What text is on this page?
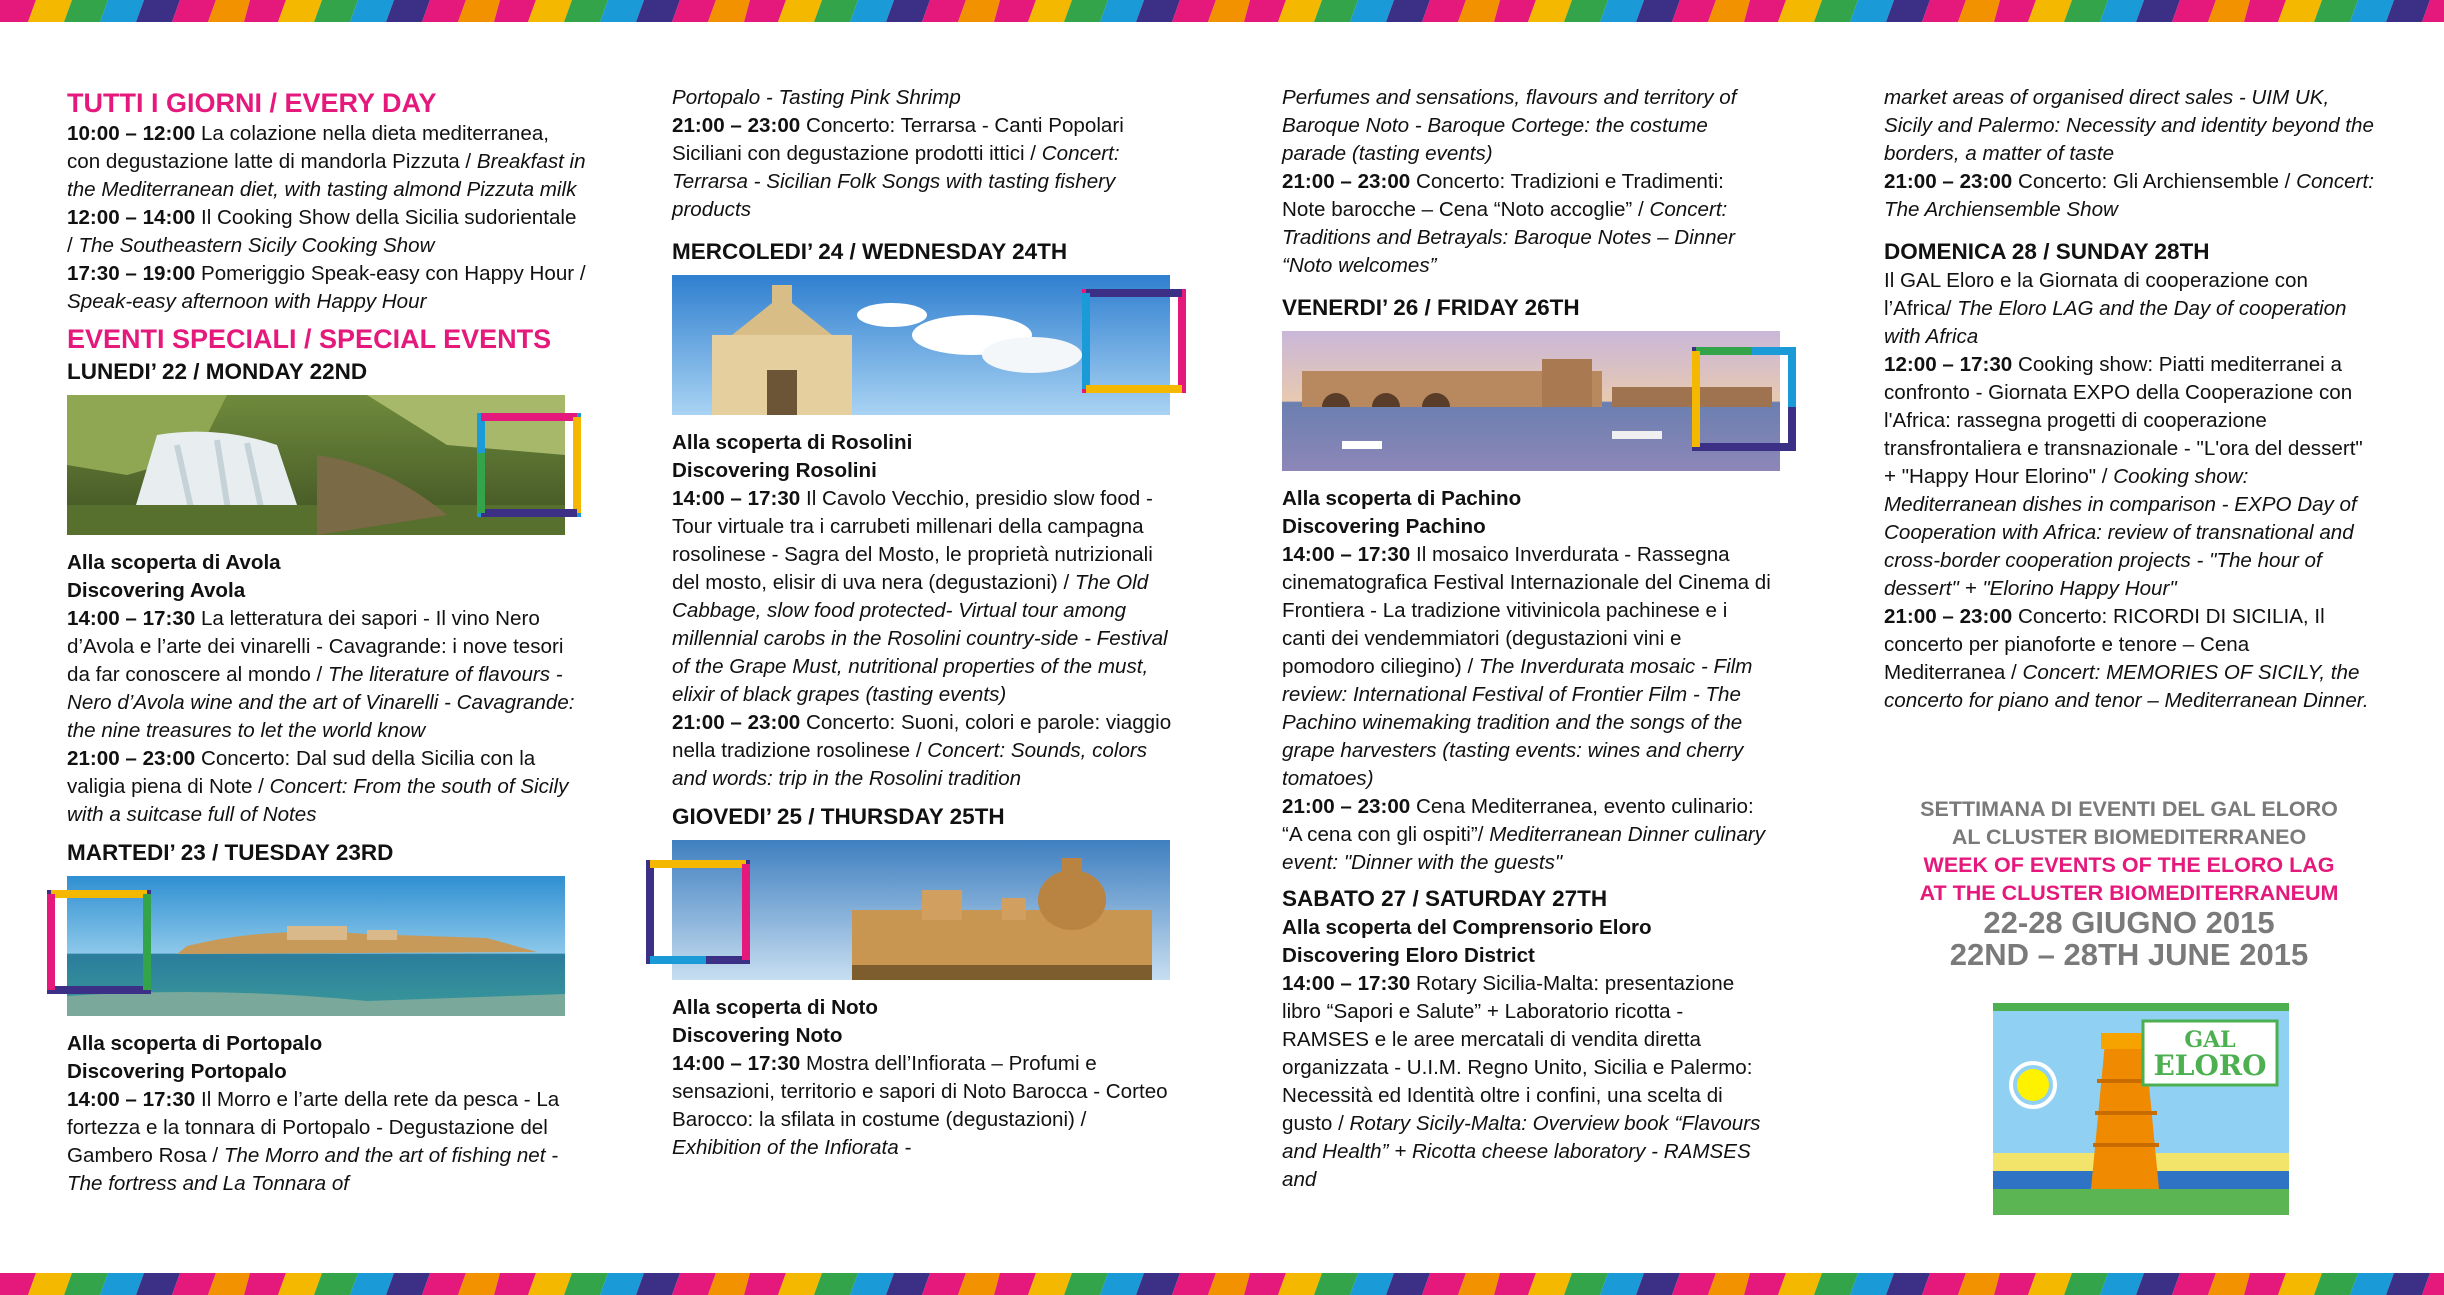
TUTTI I GIORNI / EVERY DAY

10:00 – 12:00 La colazione nella dieta mediterranea, con degustazione latte di mandorla Pizzuta / Breakfast in the Mediterranean diet, with tasting almond Pizzuta milk

12:00 – 14:00 Il Cooking Show della Sicilia sudorientale / The Southeastern Sicily Cooking Show

17:30 – 19:00 Pomeriggio Speak-easy con Happy Hour / Speak-easy afternoon with Happy Hour

EVENTI SPECIALI / SPECIAL EVENTS
LUNEDI’ 22 / MONDAY 22ND

Alla scoperta di Avola

Discovering Avola

14:00 – 17:30 La letteratura dei sapori - Il vino Nero d’Avola e l’arte dei vinarelli - Cavagrande: i nove tesori da far conoscere al mondo / The literature of flavours - Nero d’Avola wine and the art of Vinarelli - Cavagrande: the nine treasures to let the world know

21:00 – 23:00 Concerto: Dal sud della Sicilia con la valigia piena di Note / Concert: From the south of Sicily with a suitcase full of Notes

MARTEDI’ 23 / TUESDAY 23RD

Alla scoperta di Portopalo

Discovering Portopalo

14:00 – 17:30 Il Morro e l’arte della rete da pesca - La fortezza e la tonnara di Portopalo - Degustazione del Gambero Rosa / The Morro and the art of fishing net - The fortress and La Tonnara of

Portopalo - Tasting Pink Shrimp

21:00 – 23:00 Concerto: Terrarsa - Canti Popolari Siciliani con degustazione prodotti ittici / Concert: Terrarsa - Sicilian Folk Songs with tasting fishery products

MERCOLEDI’ 24 / WEDNESDAY 24TH

Alla scoperta di Rosolini

Discovering Rosolini

14:00 – 17:30 Il Cavolo Vecchio, presidio slow food - Tour virtuale tra i carrubeti millenari della campagna rosolinese - Sagra del Mosto, le proprietà nutrizionali del mosto, elisir di uva nera (degustazioni) / The Old Cabbage, slow food protected- Virtual tour among millennial carobs in the Rosolini country-side - Festival of the Grape Must, nutritional properties of the must, elixir of black grapes (tasting events)

21:00 – 23:00 Concerto: Suoni, colori e parole: viaggio nella tradizione rosolinese / Concert: Sounds, colors and words: trip in the Rosolini tradition

GIOVEDI’ 25 / THURSDAY 25TH

Alla scoperta di Noto

Discovering Noto

14:00 – 17:30 Mostra dell’Infiorata – Profumi e sensazioni, territorio e sapori di Noto Barocca - Corteo Barocco: la sfilata in costume (degustazioni) / Exhibition of the Infiorata -

Perfumes and sensations, flavours and territory of Baroque Noto - Baroque Cortege: the costume parade (tasting events)

21:00 – 23:00 Concerto: Tradizioni e Tradimenti: Note barocche – Cena “Noto accoglie” / Concert: Traditions and Betrayals: Baroque Notes – Dinner “Noto welcomes”

VENERDI’ 26 / FRIDAY 26TH

Alla scoperta di Pachino

Discovering Pachino

14:00 – 17:30 Il mosaico Inverdurata - Rassegna cinematografica Festival Internazionale del Cinema di Frontiera - La tradizione vitivinicola pachinese e i canti dei vendemmiatori (degustazioni vini e pomodoro ciliegino) / The Inverdurata mosaic - Film review: International Festival of Frontier Film - The Pachino winemaking tradition and the songs of the grape harvesters (tasting events: wines and cherry tomatoes)

21:00 – 23:00 Cena Mediterranea, evento culinario: “A cena con gli ospiti”/ Mediterranean Dinner culinary event: "Dinner with the guests"

SABATO 27 / SATURDAY 27TH

Alla scoperta del Comprensorio Eloro

Discovering Eloro District

14:00 – 17:30 Rotary Sicilia-Malta: presentazione libro “Sapori e Salute” + Laboratorio ricotta - RAMSES e le aree mercatali di vendita diretta organizzata - U.I.M. Regno Unito, Sicilia e Palermo: Necessità ed Identità oltre i confini, una scelta di gusto / Rotary Sicily-Malta: Overview book “Flavours and Health” + Ricotta cheese laboratory - RAMSES and

market areas of organised direct sales - UIM UK, Sicily and Palermo: Necessity and identity beyond the borders, a matter of taste

21:00 – 23:00 Concerto: Gli Archiensemble / Concert: The Archiensemble Show

DOMENICA 28 / SUNDAY 28TH

Il GAL Eloro e la Giornata di cooperazione con l’Africa/ The Eloro LAG and the Day of cooperation with Africa

12:00 – 17:30 Cooking show: Piatti mediterranei a confronto - Giornata EXPO della Cooperazione con l'Africa: rassegna progetti di cooperazione transfrontaliera e transnazionale - "L'ora del dessert" + "Happy Hour Elorino" / Cooking show: Mediterranean dishes in comparison - EXPO Day of Cooperation with Africa: review of transnational and cross-border cooperation projects - "The hour of dessert" + "Elorino Happy Hour"

21:00 – 23:00 Concerto: RICORDI DI SICILIA, Il concerto per pianoforte e tenore – Cena Mediterranea / Concert: MEMORIES OF SICILY, the concerto for piano and tenor – Mediterranean Dinner.

SETTIMANA DI EVENTI DEL GAL ELORO
AL CLUSTER BIOMEDITERRANEO
WEEK OF EVENTS OF THE ELORO LAG
AT THE CLUSTER BIOMEDITERRANEUM
22-28 GIUGNO 2015
22ND – 28TH JUNE 2015
GAL
ELORO
